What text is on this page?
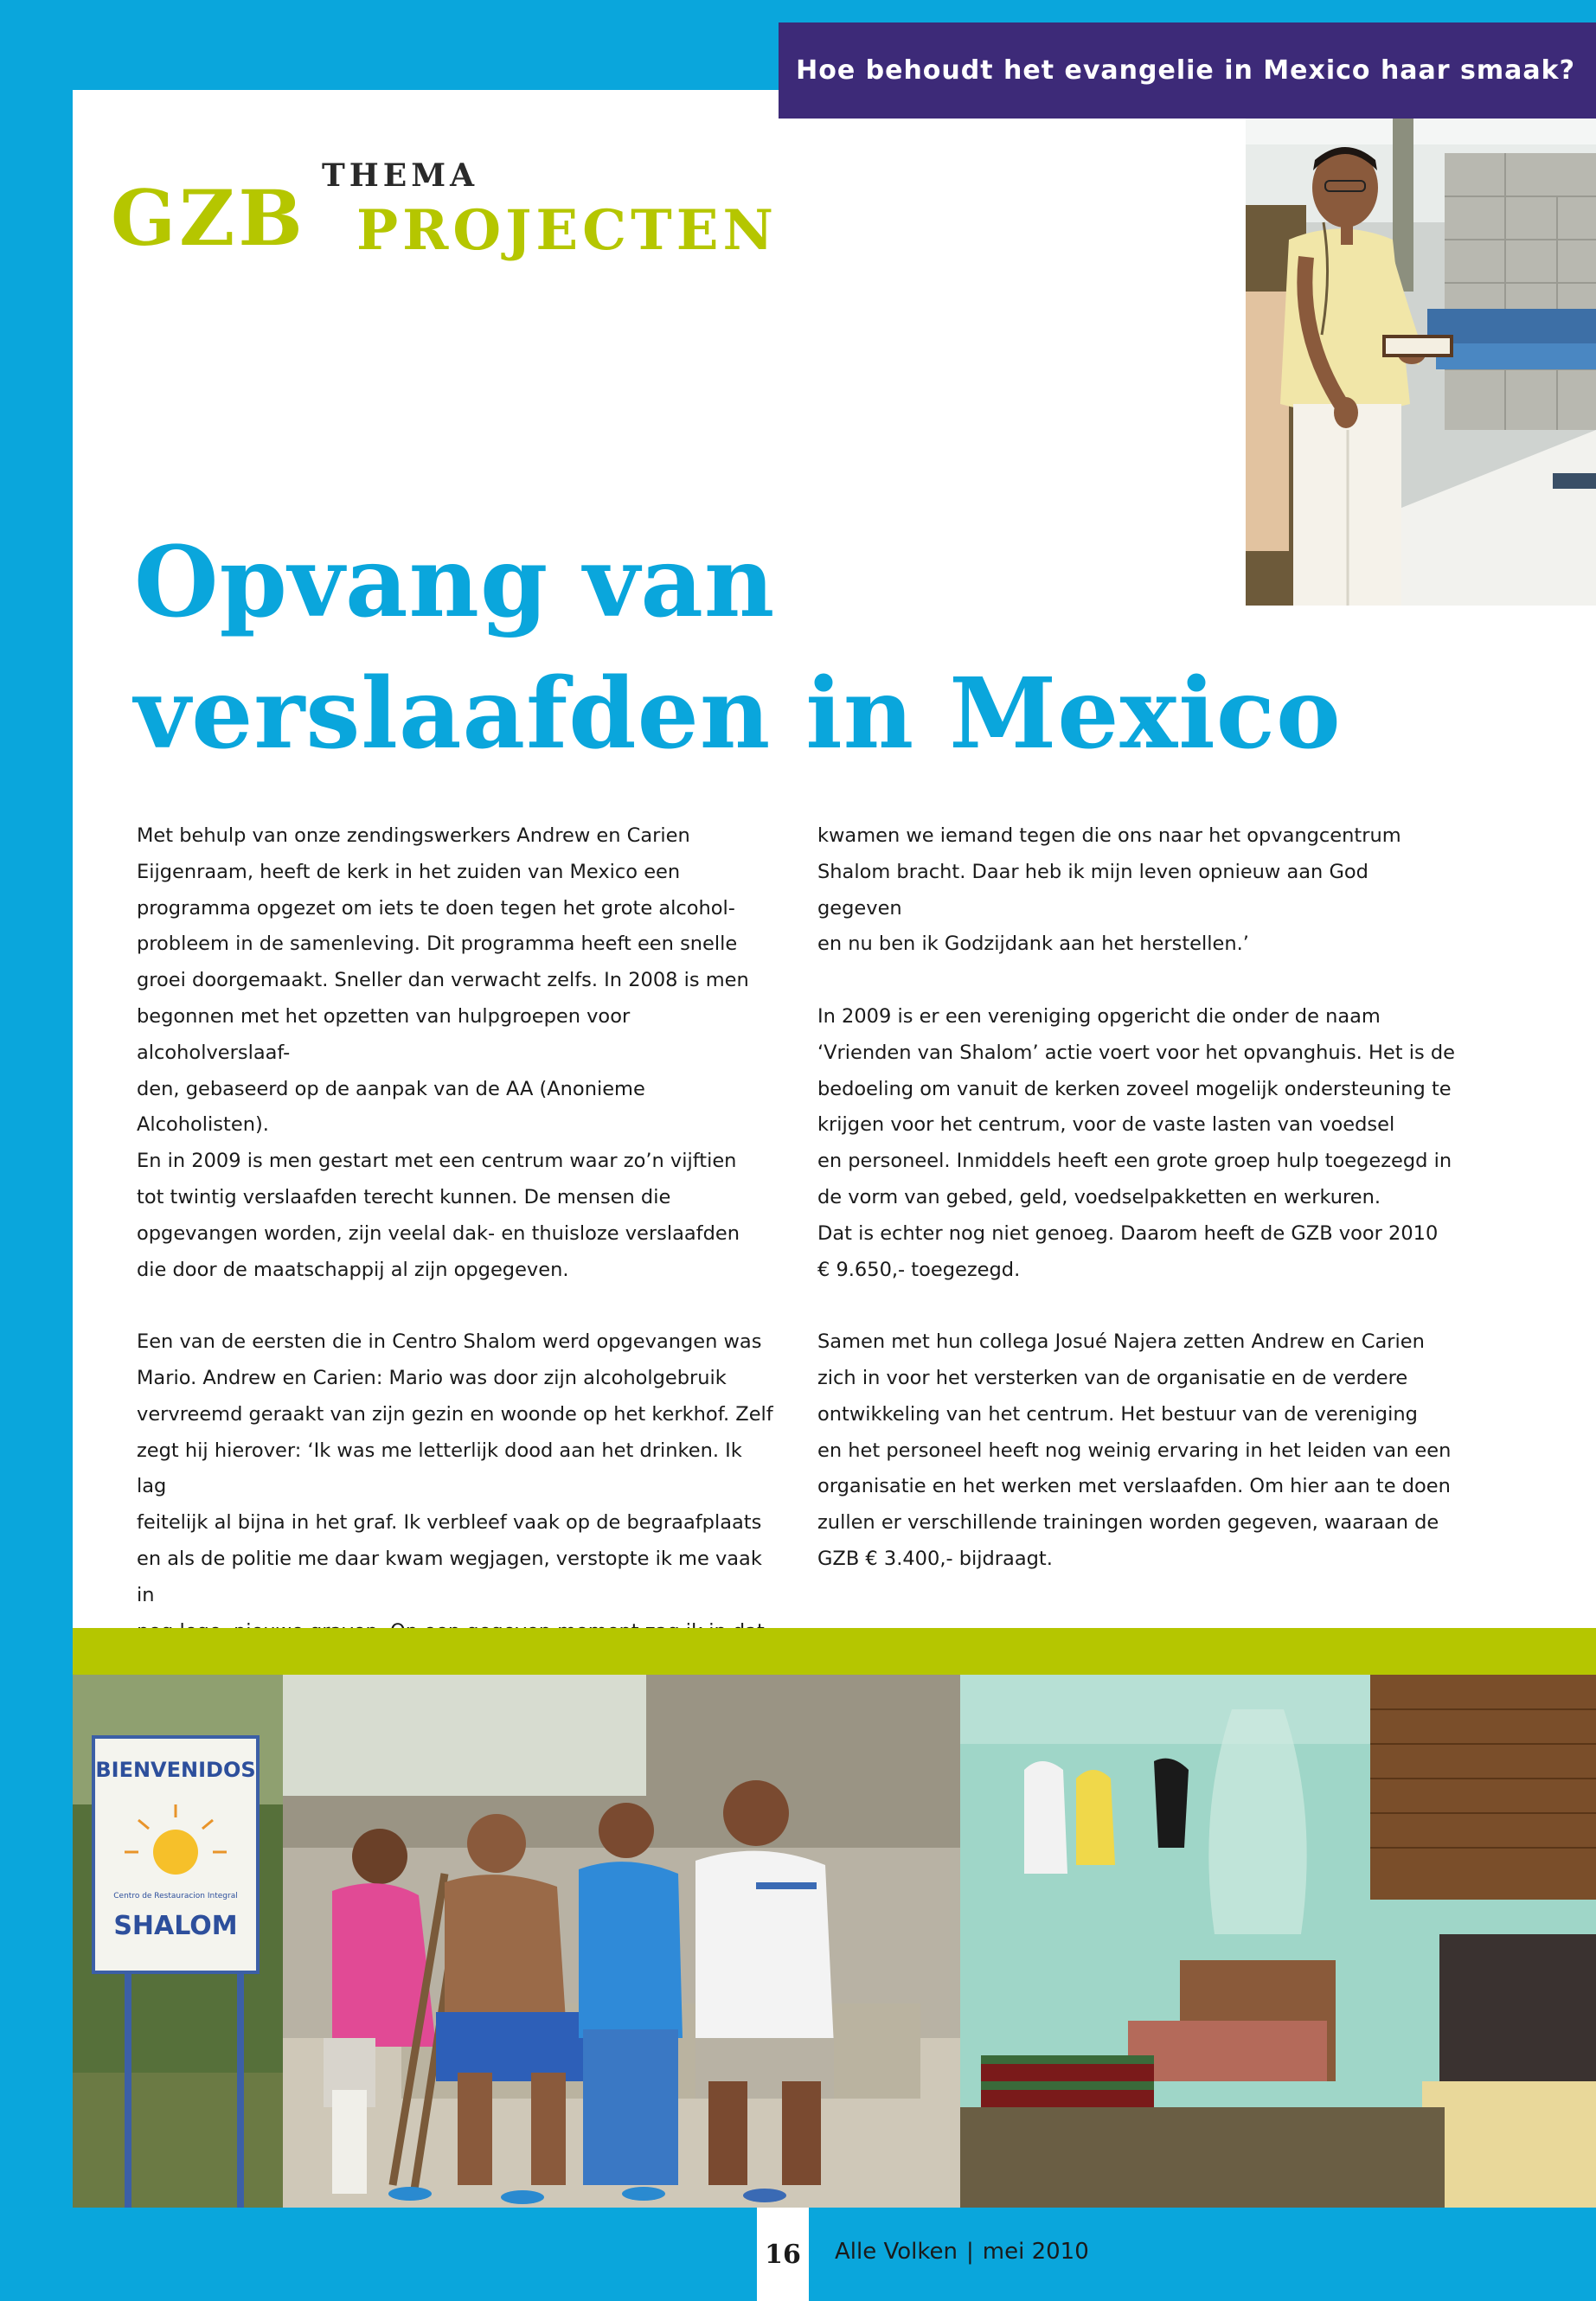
Hoe behoudt het evangelie in Mexico haar smaak?
GZB THEMA
PROJECTEN
Opvang van
verslaafden in Mexico

Met behulp van onze zendingswerkers Andrew en Carien

Eijgenraam, heeft de kerk in het zuiden van Mexico een

programma opgezet om iets te doen tegen het grote alcohol-

probleem in de samenleving. Dit programma heeft een snelle

groei doorgemaakt. Sneller dan verwacht zelfs. In 2008 is men

begonnen met het opzetten van hulpgroepen voor alcoholverslaaf-

den, gebaseerd op de aanpak van de AA (Anonieme Alcoholisten).

En in 2009 is men gestart met een centrum waar zo’n vijftien

tot twintig verslaafden terecht kunnen. De mensen die

opgevangen worden, zijn veelal dak- en thuisloze verslaafden

die door de maatschappij al zijn opgegeven.

Een van de eersten die in Centro Shalom werd opgevangen was

Mario. Andrew en Carien: Mario was door zijn alcoholgebruik

vervreemd geraakt van zijn gezin en woonde op het kerkhof. Zelf

zegt hij hierover: ‘Ik was me letterlijk dood aan het drinken. Ik lag

feitelijk al bijna in het graf. Ik verbleef vaak op de begraafplaats

en als de politie me daar kwam wegjagen, verstopte ik me vaak in

kwamen we iemand tegen die ons naar het opvangcentrum

Shalom bracht. Daar heb ik mijn leven opnieuw aan God gegeven

en nu ben ik Godzijdank aan het herstellen.’

In 2009 is er een vereniging opgericht die onder de naam

‘Vrienden van Shalom’ actie voert voor het opvanghuis. Het is de

bedoeling om vanuit de kerken zoveel mogelijk ondersteuning te

krijgen voor het centrum, voor de vaste lasten van voedsel

en personeel. Inmiddels heeft een grote groep hulp toegezegd in

de vorm van gebed, geld, voedselpakketten en werkuren.

Dat is echter nog niet genoeg. Daarom heeft de GZB voor 2010

€ 9.650,- toegezegd.

Samen met hun collega Josué Najera zetten Andrew en Carien

zich in voor het versterken van de organisatie en de verdere

ontwikkeling van het centrum. Het bestuur van de vereniging

en het personeel heeft nog weinig ervaring in het leiden van een

organisatie en het werken met verslaafden. Om hier aan te doen

zullen er verschillende trainingen worden gegeven, waaraan de

GZB € 3.400,- bijdraagt.

BIENVENIDOS
Centro de Restauracion Integral
SHALOM
16	Alle Volken | mei 2010
